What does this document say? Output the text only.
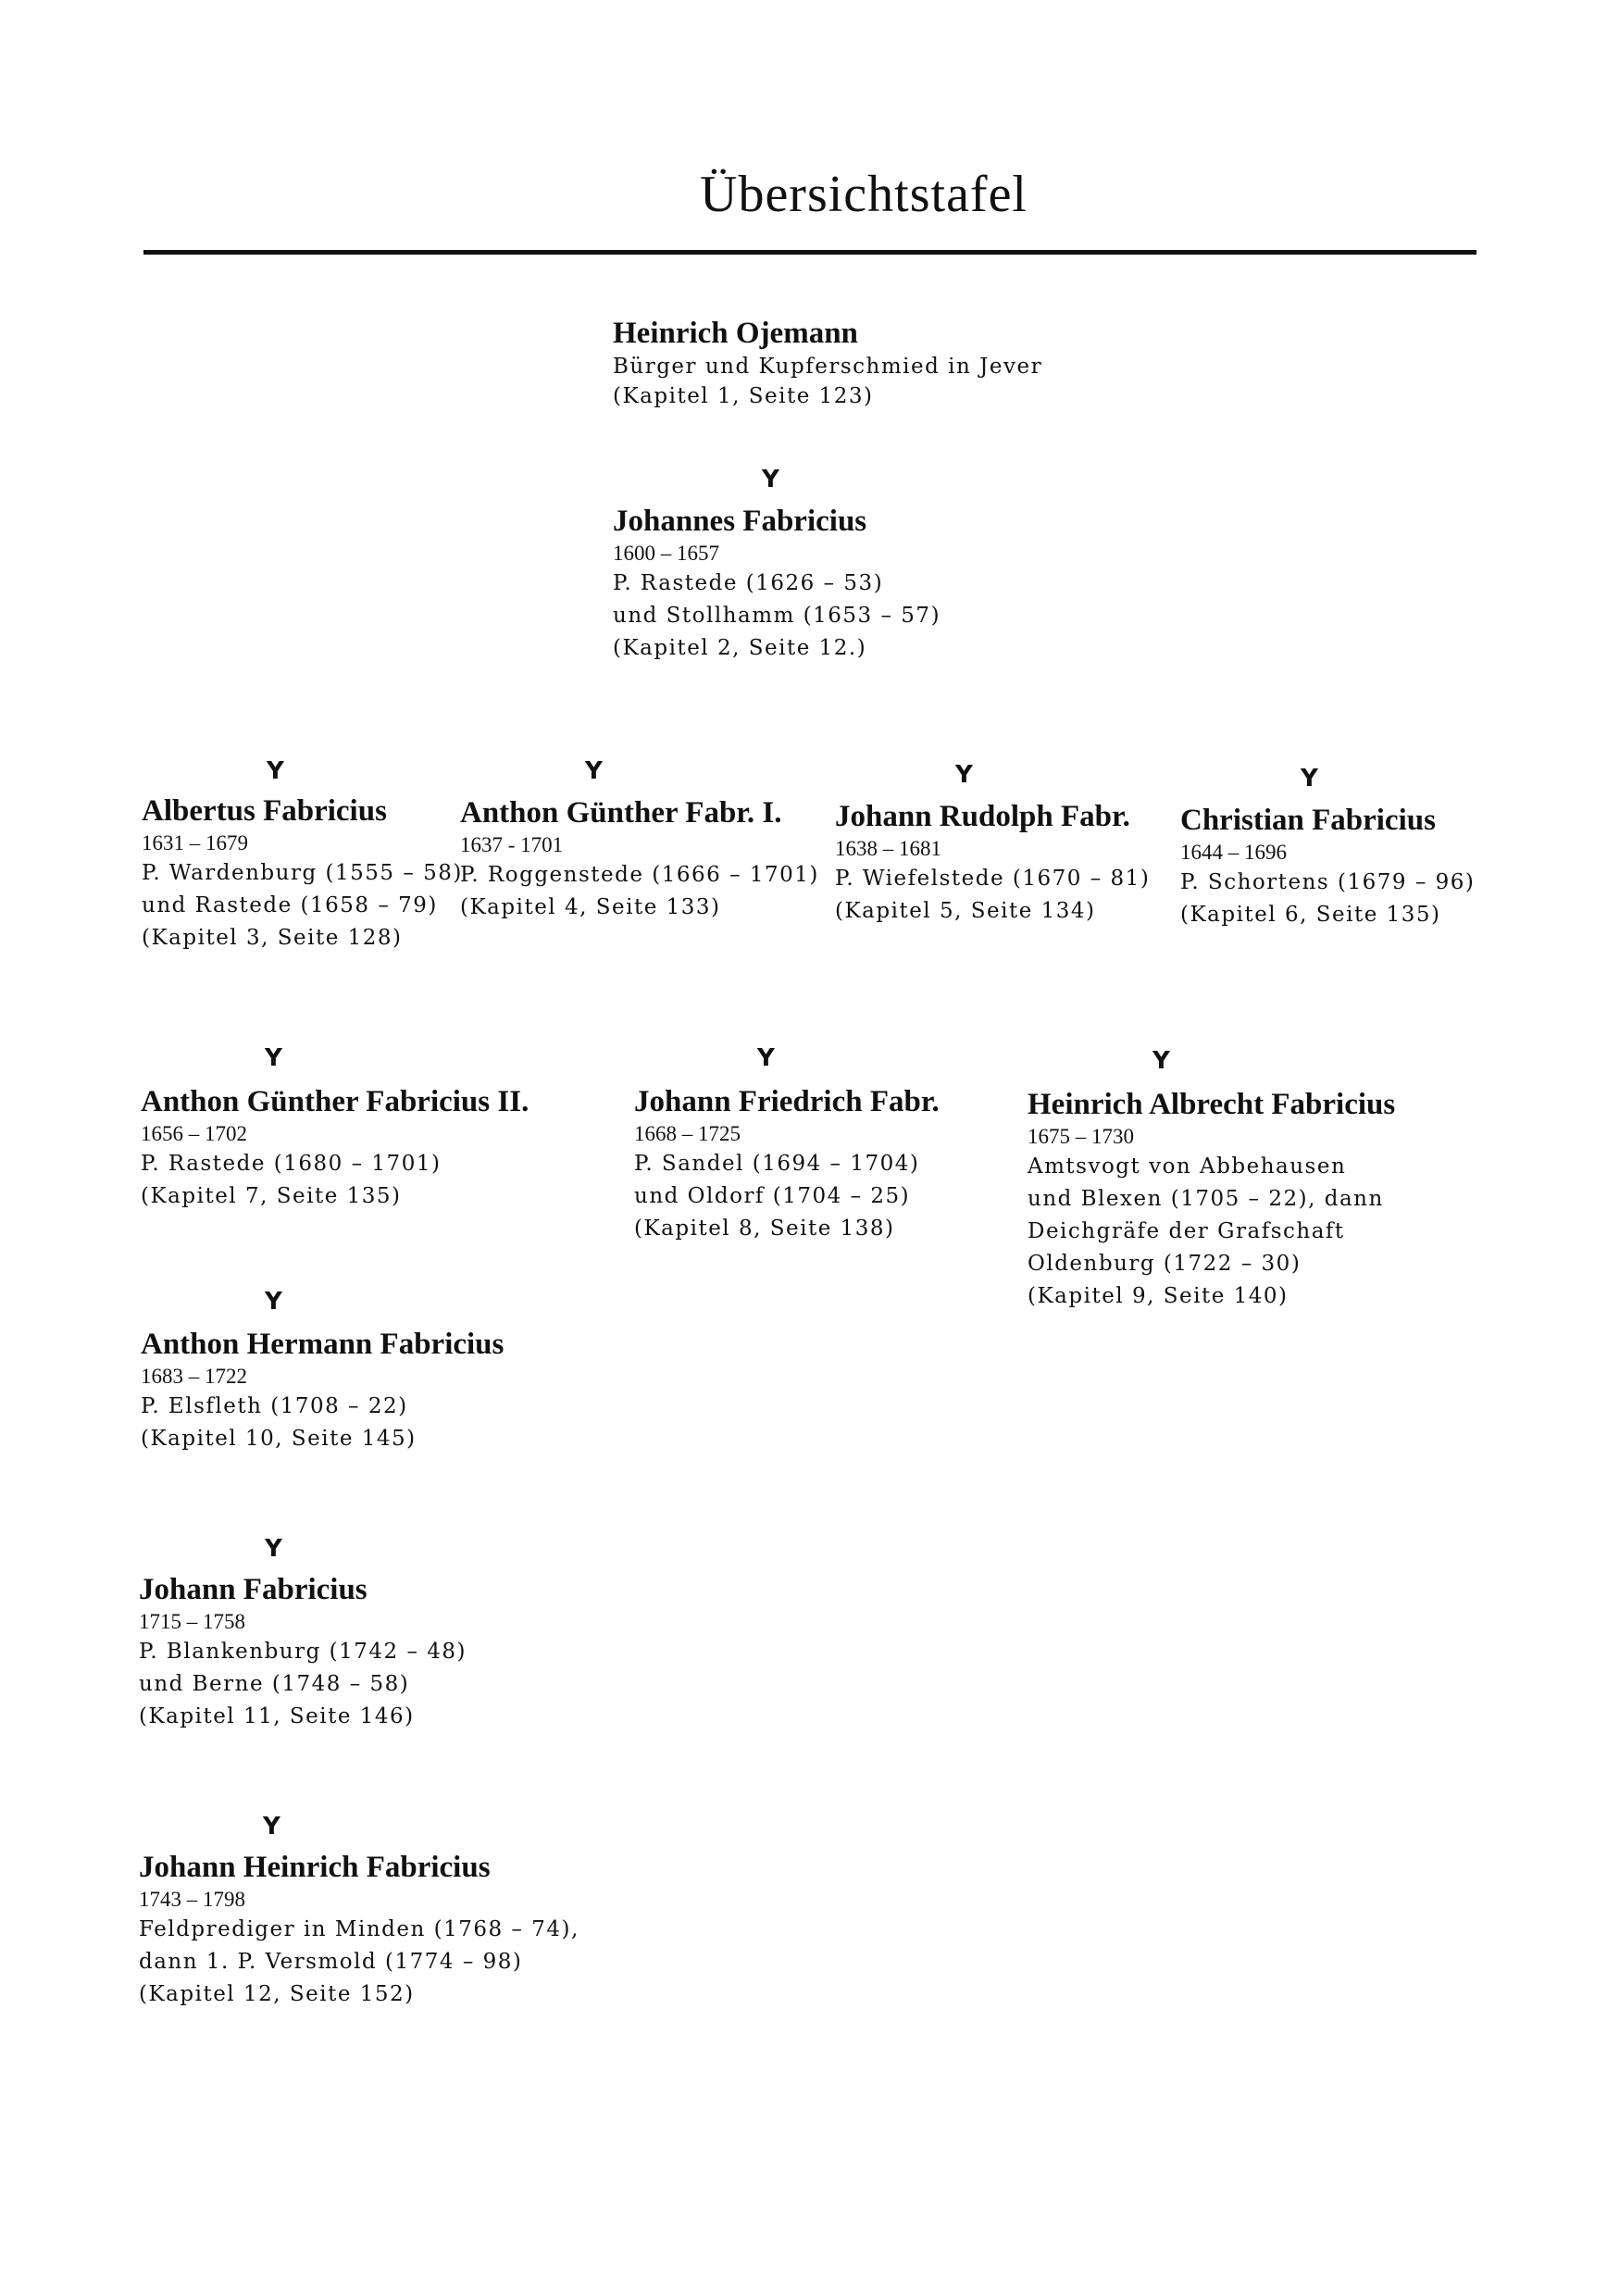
Übersichtstafel
Y
Y	Y	Y	Y
Y	Y	Y
Y
Y
Y
Heinrich Ojemann
Bürger und Kupferschmied in Jever
(Kapitel 1, Seite 123)
Johannes Fabricius
1600 – 1657
P. Rastede (1626 – 53)
und Stollhamm (1653 – 57)
(Kapitel 2, Seite 12.)
Albertus Fabricius
1631 – 1679
P. Wardenburg (1555 – 58)
und Rastede (1658 – 79)
(Kapitel 3, Seite 128)
Anthon Günther Fabr. I.
1637 - 1701
P. Roggenstede (1666 – 1701)
(Kapitel 4, Seite 133)
Johann Rudolph Fabr.
1638 – 1681
P. Wiefelstede (1670 – 81)
(Kapitel 5, Seite 134)
Christian Fabricius
1644 – 1696
P. Schortens (1679 – 96)
(Kapitel 6, Seite 135)
Anthon Günther Fabricius II.
1656 – 1702
P. Rastede (1680 – 1701)
(Kapitel 7, Seite 135)
Johann Friedrich Fabr.
1668 – 1725
P. Sandel (1694 – 1704)
und Oldorf (1704 – 25)
(Kapitel 8, Seite 138)
Heinrich Albrecht Fabricius
1675 – 1730
Amtsvogt von Abbehausen
und Blexen (1705 – 22), dann
Deichgräfe der Grafschaft
Oldenburg (1722 – 30)
(Kapitel 9, Seite 140)
Anthon Hermann Fabricius
1683 – 1722
P. Elsfleth (1708 – 22)
(Kapitel 10, Seite 145)
Johann Fabricius
1715 – 1758
P. Blankenburg (1742 – 48)
und Berne (1748 – 58)
(Kapitel 11, Seite 146)
Johann Heinrich Fabricius
1743 – 1798
Feldprediger in Minden (1768 – 74),
dann 1. P. Versmold (1774 – 98)
(Kapitel 12, Seite 152)
